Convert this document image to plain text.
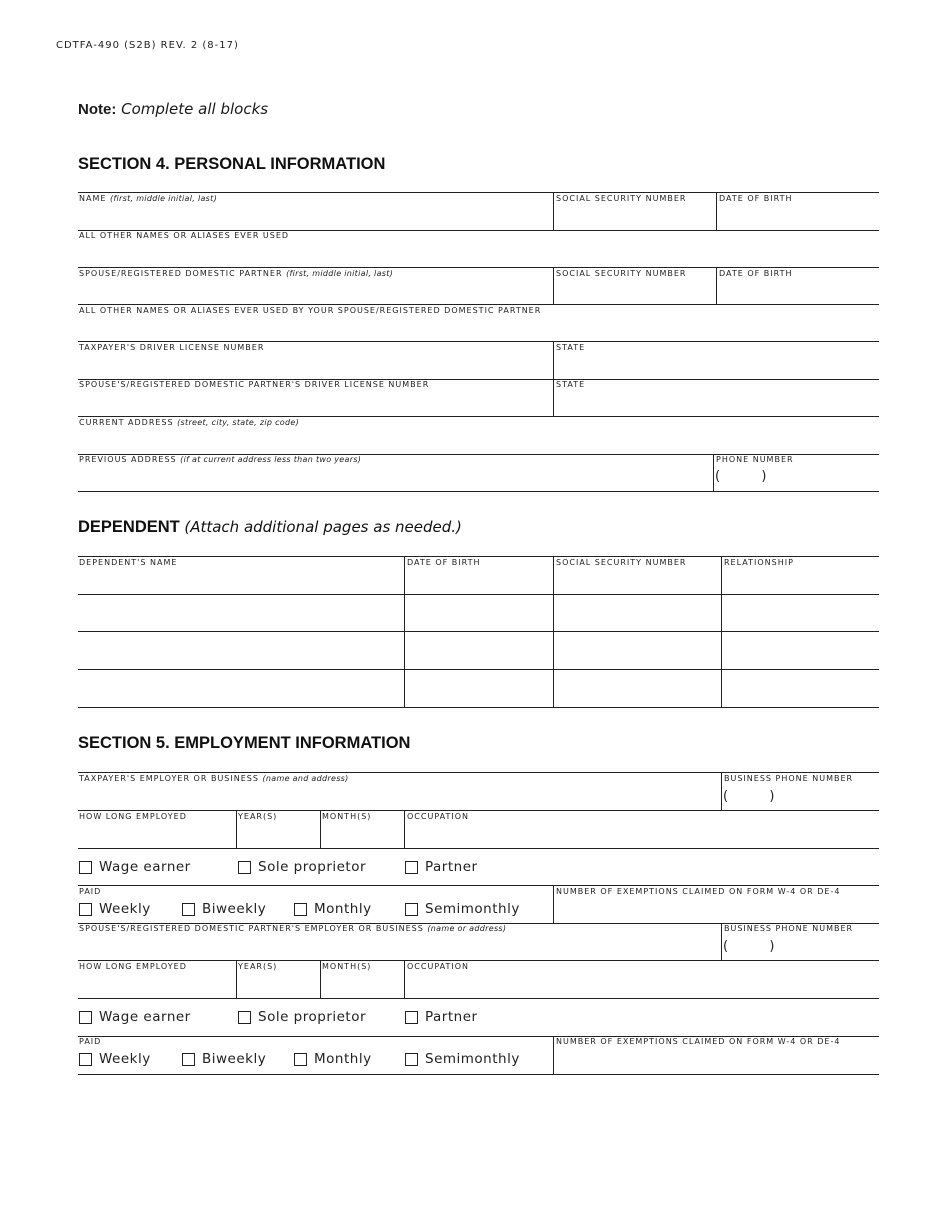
CDTFA-490 (S2B) REV. 2 (8-17)
Note: Complete all blocks
SECTION 4. PERSONAL INFORMATION
NAME (first, middle initial, last)	SOCIAL SECURITY NUMBER	DATE OF BIRTH
ALL OTHER NAMES OR ALIASES EVER USED
SPOUSE/REGISTERED DOMESTIC PARTNER (first, middle initial, last)	SOCIAL SECURITY NUMBER	DATE OF BIRTH
ALL OTHER NAMES OR ALIASES EVER USED BY YOUR SPOUSE/REGISTERED DOMESTIC PARTNER
TAXPAYER'S DRIVER LICENSE NUMBER	STATE
SPOUSE'S/REGISTERED DOMESTIC PARTNER'S DRIVER LICENSE NUMBER	STATE
CURRENT ADDRESS (street, city, state, zip code)
PREVIOUS ADDRESS (if at current address less than two years)	PHONE NUMBER
(          )
DEPENDENT (Attach additional pages as needed.)
DEPENDENT'S NAME	DATE OF BIRTH	SOCIAL SECURITY NUMBER	RELATIONSHIP
SECTION 5. EMPLOYMENT INFORMATION
TAXPAYER'S EMPLOYER OR BUSINESS (name and address)	BUSINESS PHONE NUMBER
(          )
HOW LONG EMPLOYED	YEAR(S)	MONTH(S)	OCCUPATION
Wage earner	Sole proprietor	Partner
PAID	NUMBER OF EXEMPTIONS CLAIMED ON FORM W-4 OR DE-4
Weekly	Biweekly	Monthly	Semimonthly
SPOUSE'S/REGISTERED DOMESTIC PARTNER'S EMPLOYER OR BUSINESS (name or address)	BUSINESS PHONE NUMBER
(          )
HOW LONG EMPLOYED	YEAR(S)	MONTH(S)	OCCUPATION
Wage earner	Sole proprietor	Partner
PAID	NUMBER OF EXEMPTIONS CLAIMED ON FORM W-4 OR DE-4
Weekly	Biweekly	Monthly	Semimonthly
